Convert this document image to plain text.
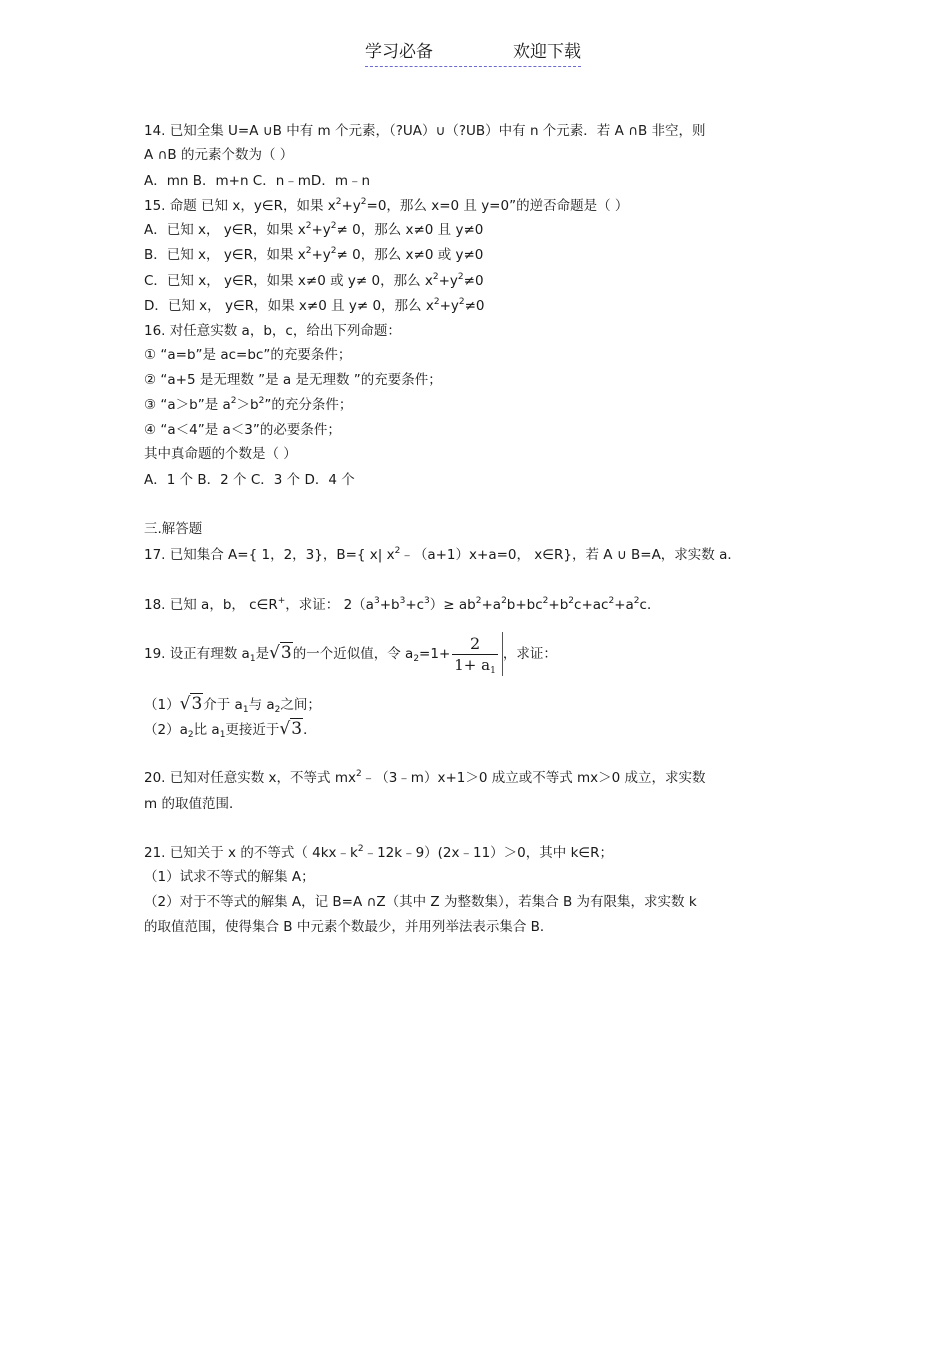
学习必备	欢迎下载
14. 已知全集 U=A ∪B 中有 m 个元素，（?UA）∪（?UB）中有 n 个元素．若 A ∩B 非空，则
A ∩B 的元素个数为（ ）
A．mn B．m+n C．n﹣mD．m﹣n
15. 命题 已知 x，y∈R，如果 $x^2+y^2=0$，那么 x=0 且 y=0”的逆否命题是（ ）
A．已知 x， y∈R，如果 $x^2+y^2\ne 0$，那么 x≠0 且 y≠0
B．已知 x， y∈R，如果 $x^2+y^2\ne 0$，那么 x≠0 或 y≠0
C．已知 x， y∈R，如果 x≠0 或 y≠ 0，那么 $x^2+y^2\ne 0$
D．已知 x， y∈R，如果 x≠0 且 y≠ 0，那么 $x^2+y^2\ne 0$
16. 对任意实数 a，b，c，给出下列命题：
① “a=b”是 ac=bc”的充要条件；
② “a+5 是无理数 ”是 a 是无理数 ”的充要条件；
③ “a＞b”是 $a^2>b^2$”的充分条件；
④ “a＜4”是 a＜3”的必要条件；
其中真命题的个数是（ ）
A．1 个 B．2 个 C．3 个 D．4 个
三.解答题
17. 已知集合 A={ 1，2，3}，B={ x| $x^2﹣(a+1)x+a=0$， x∈R}，若 A ∪ B=A，求实数 a．
18. 已知 a，b， c∈R+，求证： $2(a^3+b^3+c^3)\ge ab^2+a^2b+bc^2+b^2c+ac^2+a^2c$．
19. 设正有理数 $a_1$是√3的一个近似值，令 $a_2=1+ \frac{2}{1+ a_1}$ ，求证：
（1）√3介于 $a_1$与 $a_2$之间；
$(2)a_2$比 $a_1$更接近于√3．
20. 已知对任意实数 x，不等式 $mx^2﹣(3﹣m)x+1>0$ 成立或不等式 mx＞0 成立，求实数
m 的取值范围．
21. 已知关于 x 的不等式（ $4kx﹣k^2﹣12k﹣9)(2x﹣11)>0$，其中 k∈R；
（1）试求不等式的解集 A；
（2）对于不等式的解集 A，记 B=A ∩Z（其中 Z 为整数集），若集合 B 为有限集，求实数 k
的取值范围，使得集合 B 中元素个数最少，并用列举法表示集合 B．
